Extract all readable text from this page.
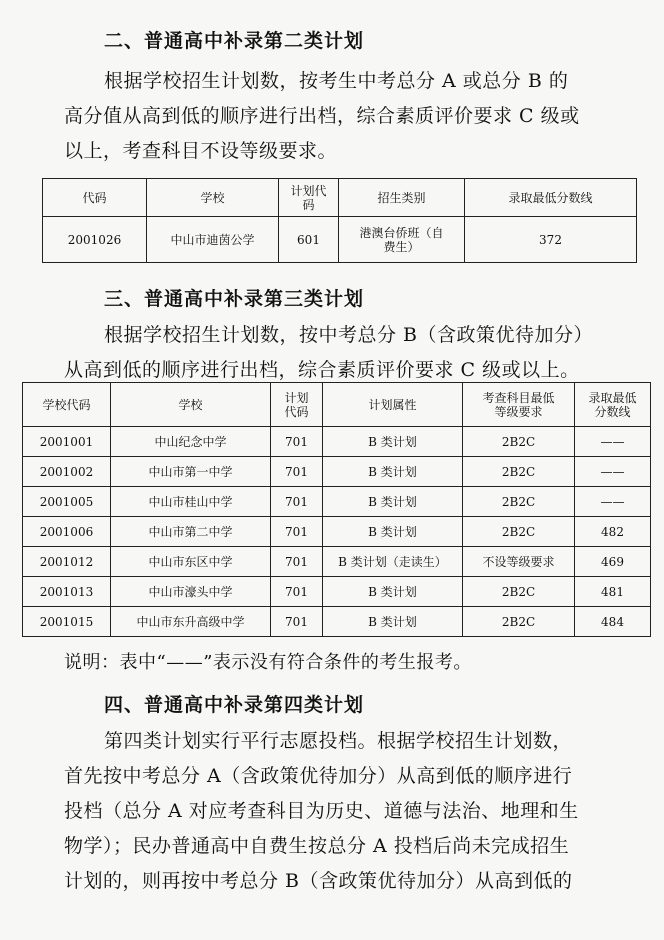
二、普通高中补录第二类计划
根据学校招生计划数，按考生中考总分 A 或总分 B 的
高分值从高到低的顺序进行出档，综合素质评价要求 C 级或
以上，考查科目不设等级要求。
代码	学校	计划代码	招生类别	录取最低分数线
2001026	中山市迪茵公学	601	港澳台侨班（自费生）	372
三、普通高中补录第三类计划
根据学校招生计划数，按中考总分 B（含政策优待加分）
从高到低的顺序进行出档，综合素质评价要求 C 级或以上。
学校代码	学校	计划代码	计划属性	考查科目最低等级要求	录取最低分数线
2001001	中山纪念中学	701	B 类计划	2B2C	——
2001002	中山市第一中学	701	B 类计划	2B2C	——
2001005	中山市桂山中学	701	B 类计划	2B2C	——
2001006	中山市第二中学	701	B 类计划	2B2C	482
2001012	中山市东区中学	701	B 类计划（走读生）	不设等级要求	469
2001013	中山市濠头中学	701	B 类计划	2B2C	481
2001015	中山市东升高级中学	701	B 类计划	2B2C	484
说明：表中“——”表示没有符合条件的考生报考。
四、普通高中补录第四类计划
第四类计划实行平行志愿投档。根据学校招生计划数，
首先按中考总分 A（含政策优待加分）从高到低的顺序进行
投档（总分 A 对应考查科目为历史、道德与法治、地理和生
物学）；民办普通高中自费生按总分 A 投档后尚未完成招生
计划的，则再按中考总分 B（含政策优待加分）从高到低的
